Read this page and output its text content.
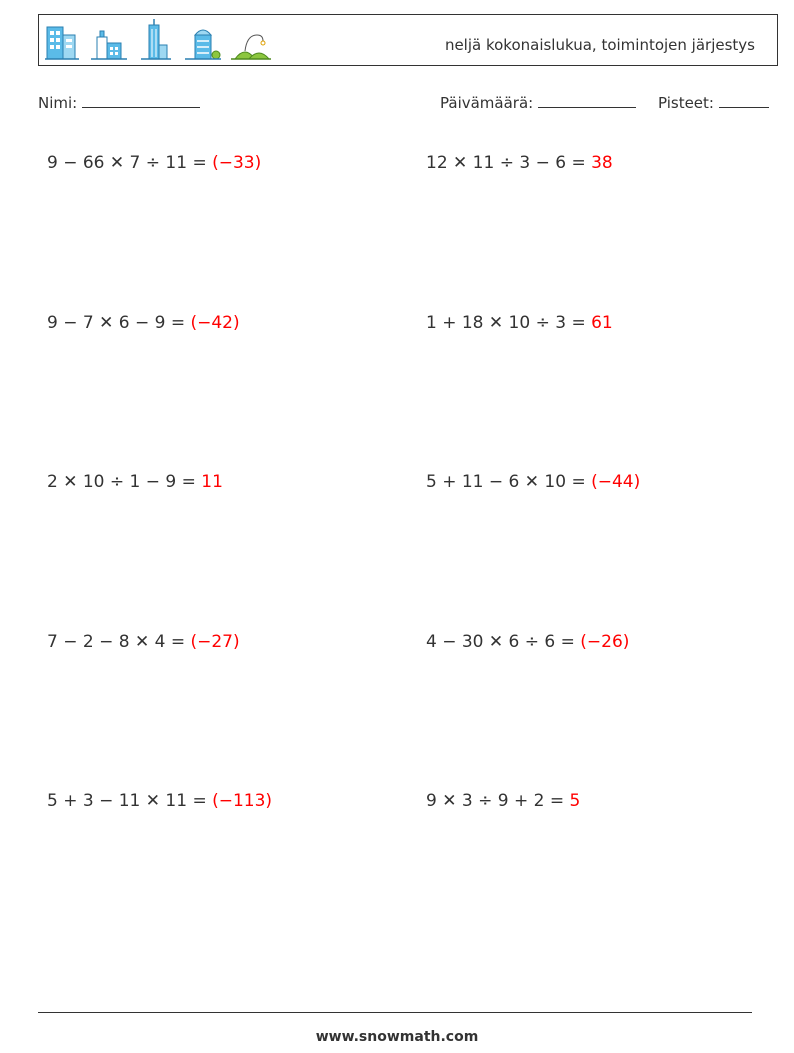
neljä kokonaislukua, toimintojen järjestys
Nimi:	Päivämäärä:	Pisteet:
9 − 66 ✕ 7 ÷ 11 = (−33)	12 ✕ 11 ÷ 3 − 6 = 38
9 − 7 ✕ 6 − 9 = (−42)	1 + 18 ✕ 10 ÷ 3 = 61
2 ✕ 10 ÷ 1 − 9 = 11	5 + 11 − 6 ✕ 10 = (−44)
7 − 2 − 8 ✕ 4 = (−27)	4 − 30 ✕ 6 ÷ 6 = (−26)
5 + 3 − 11 ✕ 11 = (−113)	9 ✕ 3 ÷ 9 + 2 = 5
www.snowmath.com
